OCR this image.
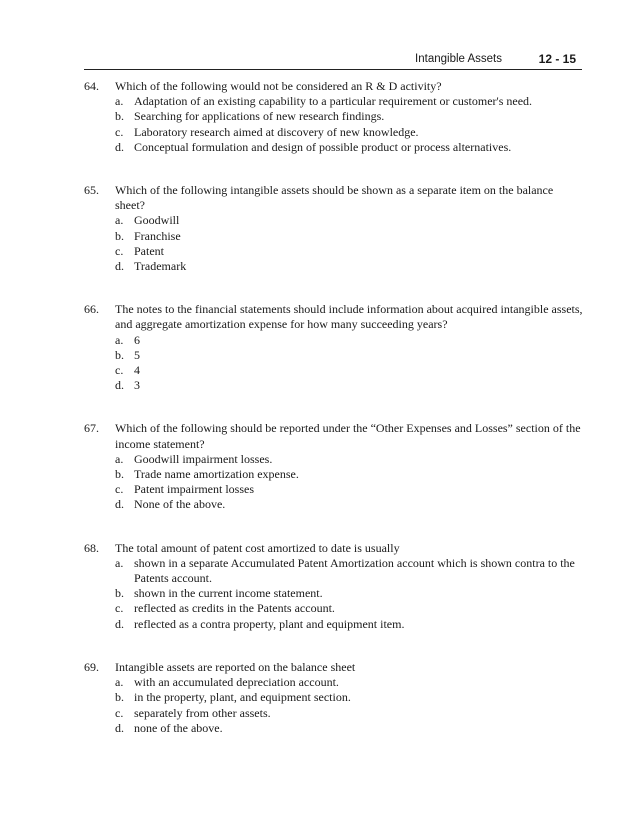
Intangible Assets	12 - 15
64.	Which of the following would not be considered an R & D activity?
a. Adaptation of an existing capability to a particular requirement or customer's need.
b. Searching for applications of new research findings.
c. Laboratory research aimed at discovery of new knowledge.
d. Conceptual formulation and design of possible product or process alternatives.
65.	Which of the following intangible assets should be shown as a separate item on the balance sheet?
a. Goodwill
b. Franchise
c. Patent
d. Trademark
66.	The notes to the financial statements should include information about acquired intangible assets, and aggregate amortization expense for how many succeeding years?
a. 6
b. 5
c. 4
d. 3
67.	Which of the following should be reported under the “Other Expenses and Losses” section of the income statement?
a. Goodwill impairment losses.
b. Trade name amortization expense.
c. Patent impairment losses
d. None of the above.
68.	The total amount of patent cost amortized to date is usually
a. shown in a separate Accumulated Patent Amortization account which is shown contra to the Patents account.
b. shown in the current income statement.
c. reflected as credits in the Patents account.
d. reflected as a contra property, plant and equipment item.
69.	Intangible assets are reported on the balance sheet
a. with an accumulated depreciation account.
b. in the property, plant, and equipment section.
c. separately from other assets.
d. none of the above.
